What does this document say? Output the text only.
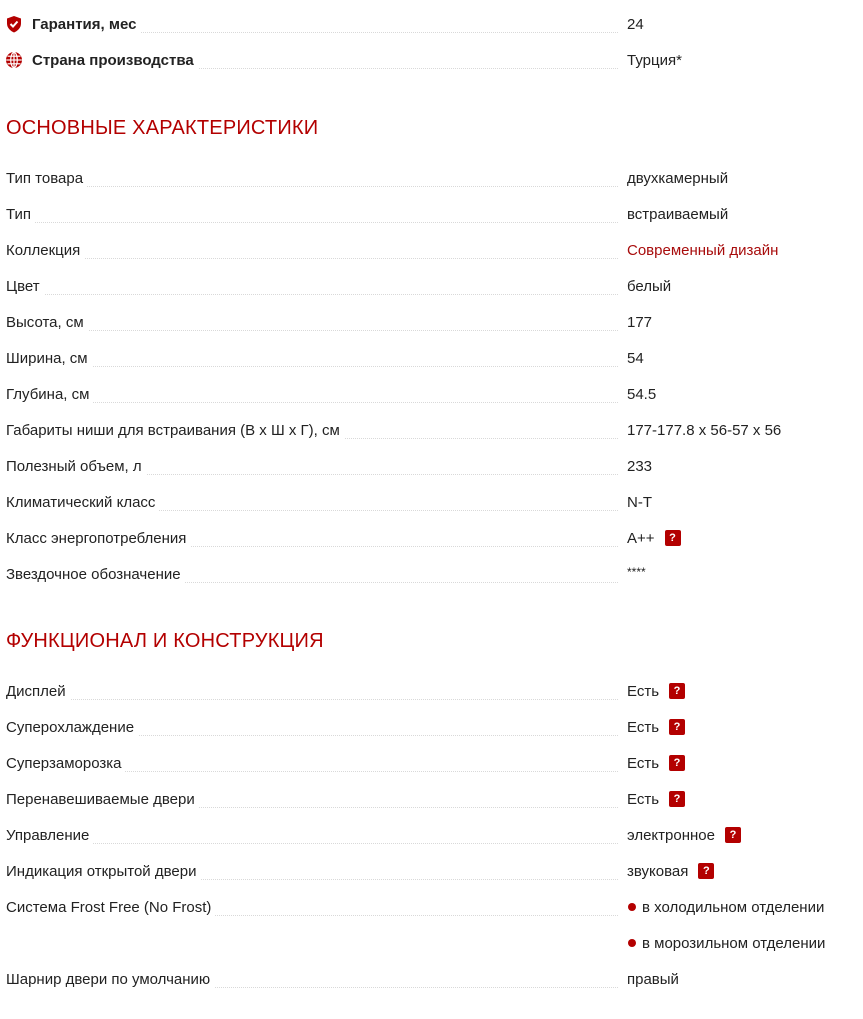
Гарантия, мес	24
Страна производства	Турция*
ОСНОВНЫЕ ХАРАКТЕРИСТИКИ
Тип товара	двухкамерный
Тип	встраиваемый
Коллекция	Современный дизайн
Цвет	белый
Высота, см	177
Ширина, см	54
Глубина, см	54.5
Габариты ниши для встраивания (В х Ш х Г), см	177-177.8 x 56-57 x 56
Полезный объем, л	233
Климатический класс	N-T
Класс энергопотребления	A++	?
Звездочное обозначение	****
ФУНКЦИОНАЛ И КОНСТРУКЦИЯ
Дисплей	Есть	?
Суперохлаждение	Есть	?
Суперзаморозка	Есть	?
Перенавешиваемые двери	Есть	?
Управление	электронное	?
Индикация открытой двери	звуковая	?
Система Frost Free (No Frost)	в холодильном отделении
в морозильном отделении
Шарнир двери по умолчанию	правый
